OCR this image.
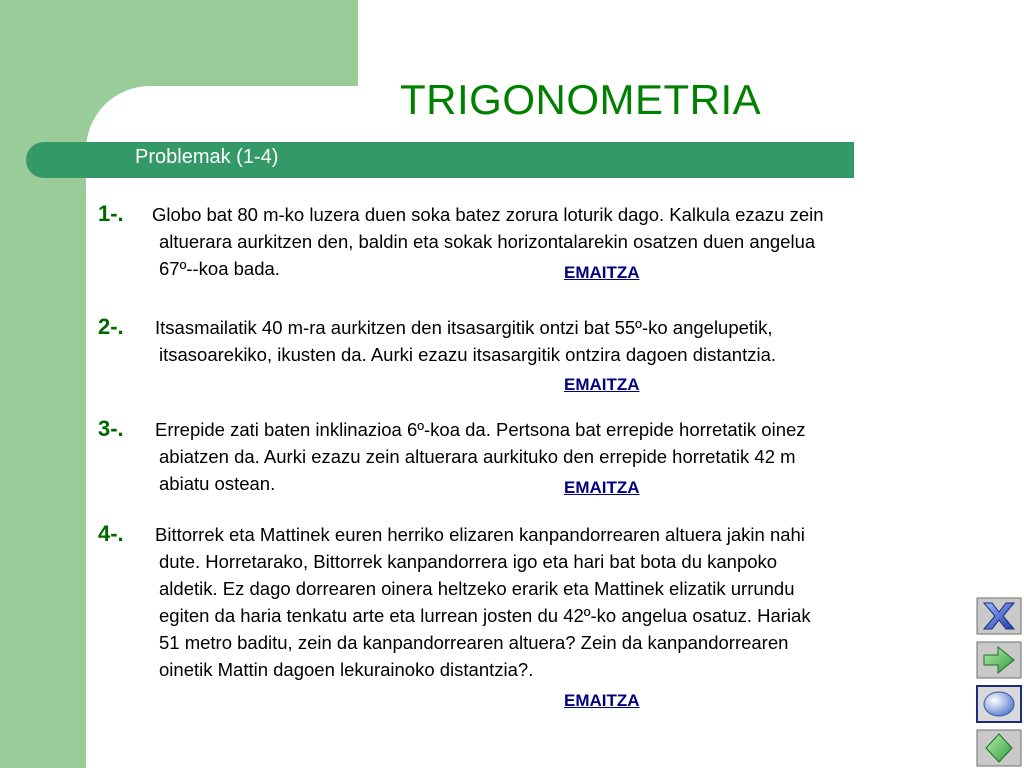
TRIGONOMETRIA
Problemak (1-4)
1-.	Globo bat 80 m-ko luzera duen soka batez zorura loturik dago. Kalkula ezazu zein
altuerara aurkitzen den, baldin eta sokak horizontalarekin osatzen duen angelua
67º--koa bada.	EMAITZA
2-.	Itsasmailatik 40 m-ra aurkitzen den itsasargitik ontzi bat 55º-ko angelupetik,
itsasoarekiko, ikusten da. Aurki ezazu itsasargitik ontzira dagoen distantzia.
EMAITZA
3-.	Errepide zati baten inklinazioa 6º-koa da. Pertsona bat errepide horretatik oinez
abiatzen da. Aurki ezazu zein altuerara aurkituko den errepide horretatik 42 m
abiatu ostean.	EMAITZA
4-.	Bittorrek eta Mattinek euren herriko elizaren kanpandorrearen altuera jakin nahi
dute. Horretarako, Bittorrek kanpandorrera igo eta hari bat bota du kanpoko
aldetik. Ez dago dorrearen oinera heltzeko erarik eta Mattinek elizatik urrundu
egiten da haria tenkatu arte eta lurrean josten du 42º-ko angelua osatuz. Hariak
51 metro baditu, zein da kanpandorrearen altuera? Zein da kanpandorrearen
oinetik Mattin dagoen lekurainoko distantzia?.
EMAITZA
